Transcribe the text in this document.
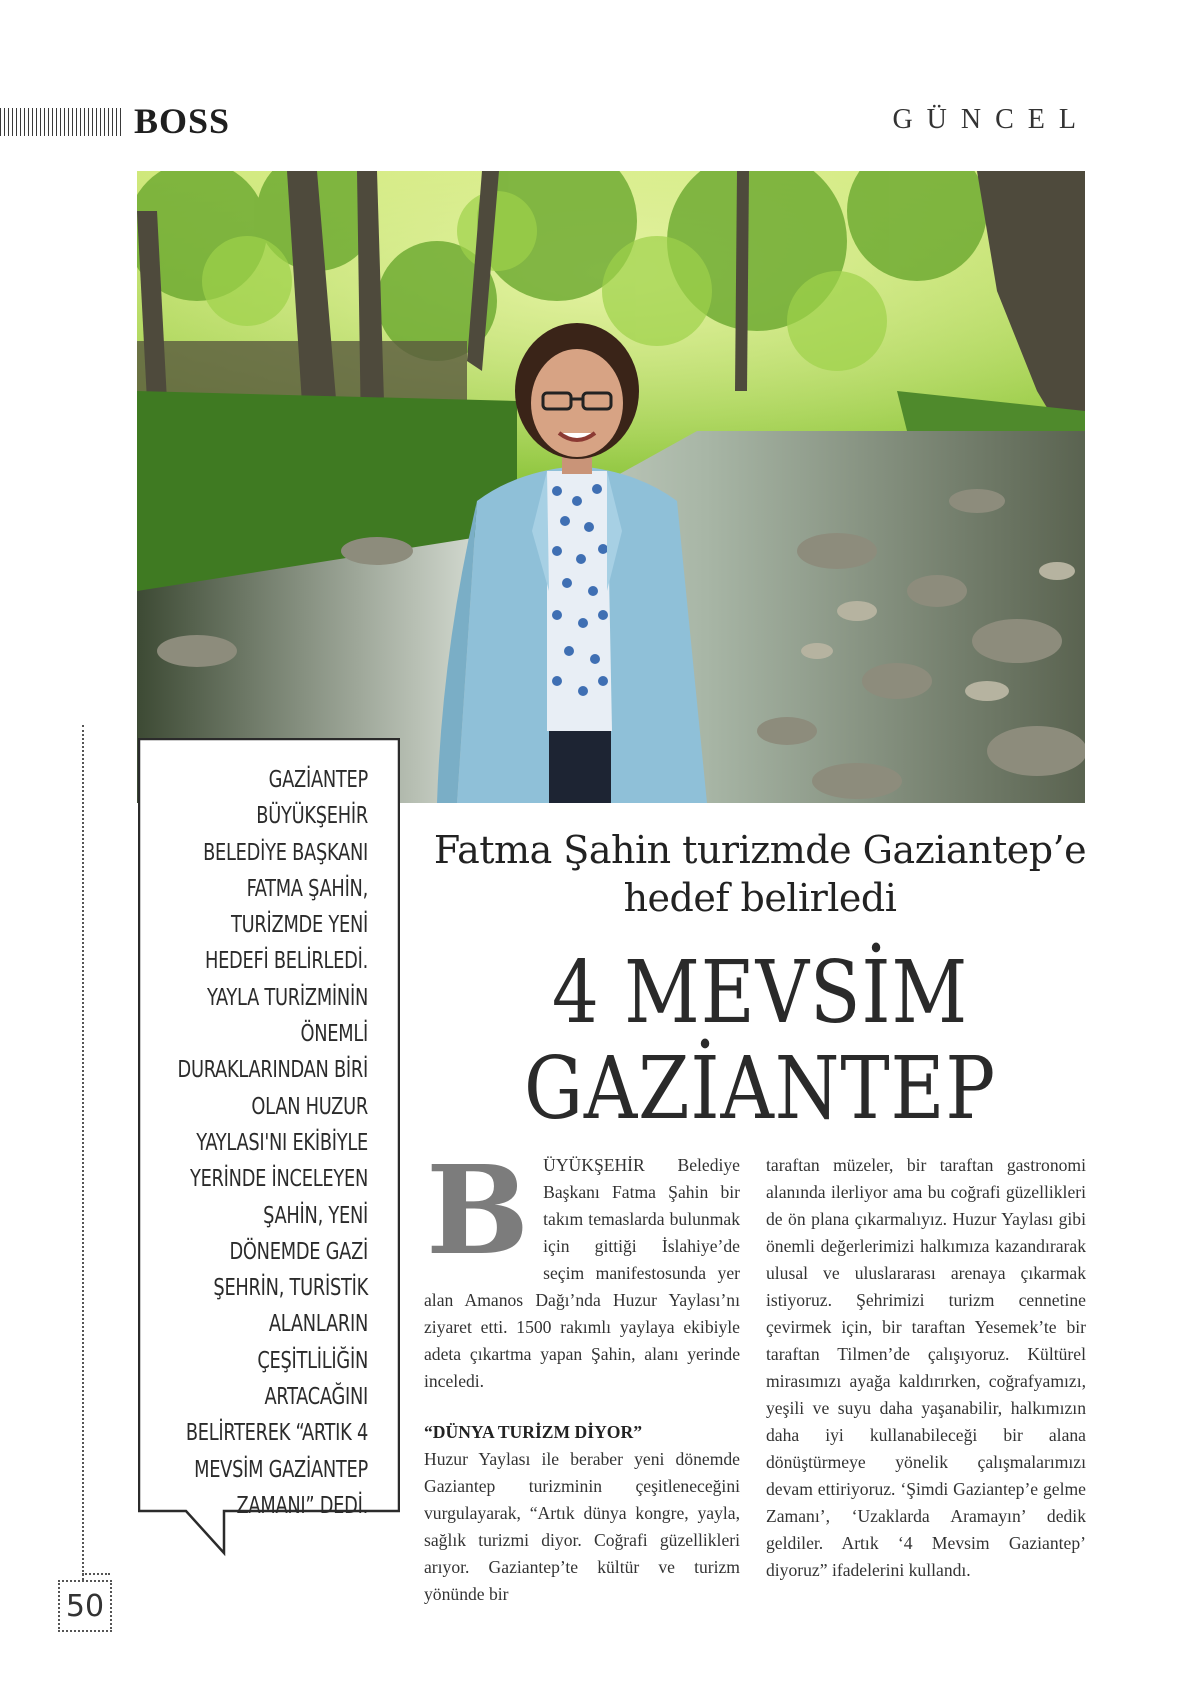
BOSS	GÜNCEL
GAZİANTEP BÜYÜKŞEHİR BELEDİYE BAŞKANI FATMA ŞAHİN, TURİZMDE YENİ HEDEFİ BELİRLEDİ. YAYLA TURİZMİNİN ÖNEMLİ DURAKLARINDAN BİRİ OLAN HUZUR YAYLASI'NI EKİBİYLE YERİNDE İNCELEYEN ŞAHİN, YENİ DÖNEMDE GAZİ ŞEHRİN, TURİSTİK ALANLARIN ÇEŞİTLİLİĞİN ARTACAĞINI BELİRTEREK “ARTIK 4 MEVSİM GAZİANTEP ZAMANI” DEDİ.
50
Fatma Şahin turizmde Gaziantep’e hedef belirledi
4 MEVSİM GAZİANTEP
B ÜYÜKŞEHİR Belediye Başkanı Fatma Şahin bir takım temaslarda bulunmak için gittiği İslahiye’de seçim manifestosunda yer alan Amanos Dağı’nda Huzur Yaylası’nı ziyaret etti. 1500 rakımlı yaylaya ekibiyle adeta çıkartma yapan Şahin, alanı yerinde inceledi.

“DÜNYA TURİZM DİYOR”

Huzur Yaylası ile beraber yeni dönemde Gaziantep turizminin çeşitleneceğini vurgulayarak, “Artık dünya kongre, yayla, sağlık turizmi diyor. Coğrafi güzellikleri arıyor. Gaziantep’te kültür ve turizm yönünde bir

taraftan müzeler, bir taraftan gastronomi alanında ilerliyor ama bu coğrafi güzellikleri de ön plana çıkarmalıyız. Huzur Yaylası gibi önemli değerlerimizi halkımıza kazandırarak ulusal ve uluslararası arenaya çıkarmak istiyoruz. Şehrimizi turizm cennetine çevirmek için, bir taraftan Yesemek’te bir taraftan Tilmen’de çalışıyoruz. Kültürel mirasımızı ayağa kaldırırken, coğrafyamızı, yeşili ve suyu daha yaşanabilir, halkımızın daha iyi kullanabileceği bir alana dönüştürmeye yönelik çalışmalarımızı devam ettiriyoruz. ‘Şimdi Gaziantep’e gelme Zamanı’, ‘Uzaklarda Aramayın’ dedik geldiler. Artık ‘4 Mevsim Gaziantep’ diyoruz” ifadelerini kullandı.
